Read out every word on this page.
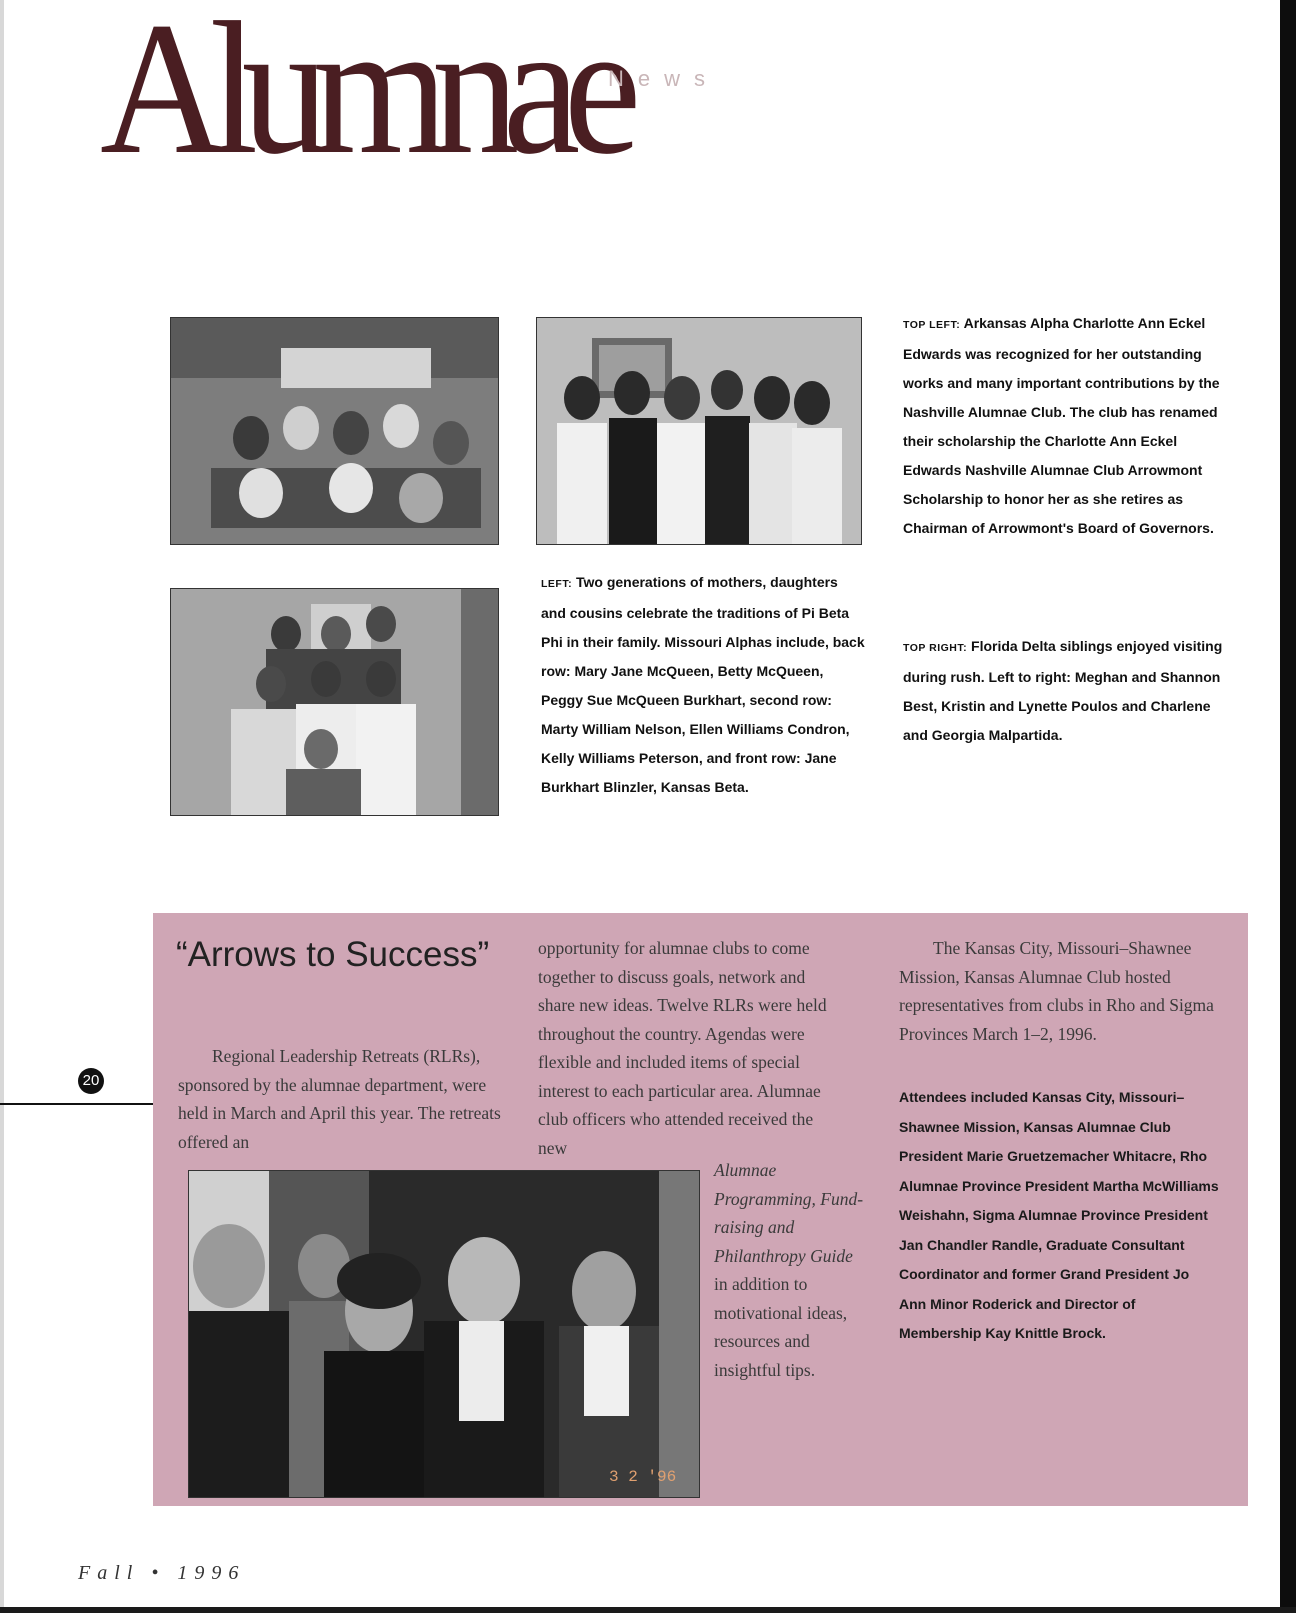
Alumnae
News

LEFT: Two generations of mothers, daughters and cousins celebrate the traditions of Pi Beta Phi in their family. Missouri Alphas include, back row: Mary Jane McQueen, Betty McQueen, Peggy Sue McQueen Burkhart, second row: Marty William Nelson, Ellen Williams Condron, Kelly Williams Peterson, and front row: Jane Burkhart Blinzler, Kansas Beta.

TOP LEFT: Arkansas Alpha Charlotte Ann Eckel Edwards was recognized for her outstanding works and many important contributions by the Nashville Alumnae Club. The club has renamed their scholarship the Charlotte Ann Eckel Edwards Nashville Alumnae Club Arrowmont Scholarship to honor her as she retires as Chairman of Arrowmont's Board of Governors.

TOP RIGHT: Florida Delta siblings enjoyed visiting during rush. Left to right: Meghan and Shannon Best, Kristin and Lynette Poulos and Charlene and Georgia Malpartida.

20
“Arrows to Success”

Regional Leadership Retreats (RLRs), sponsored by the alumnae department, were held in March and April this year. The retreats offered an

opportunity for alumnae clubs to come together to discuss goals, network and share new ideas. Twelve RLRs were held throughout the country. Agendas were flexible and included items of special interest to each particular area. Alumnae club officers who attended received the new

Alumnae Programming, Fund-raising and Philanthropy Guide in addition to motivational ideas, resources and insightful tips.

The Kansas City, Missouri–Shawnee Mission, Kansas Alumnae Club hosted representatives from clubs in Rho and Sigma Provinces March 1–2, 1996.

Attendees included Kansas City, Missouri–Shawnee Mission, Kansas Alumnae Club President Marie Gruetzemacher Whitacre, Rho Alumnae Province President Martha McWilliams Weishahn, Sigma Alumnae Province President Jan Chandler Randle, Graduate Consultant Coordinator and former Grand President Jo Ann Minor Roderick and Director of Membership Kay Knittle Brock.

3 2 '96
Fall • 1996
